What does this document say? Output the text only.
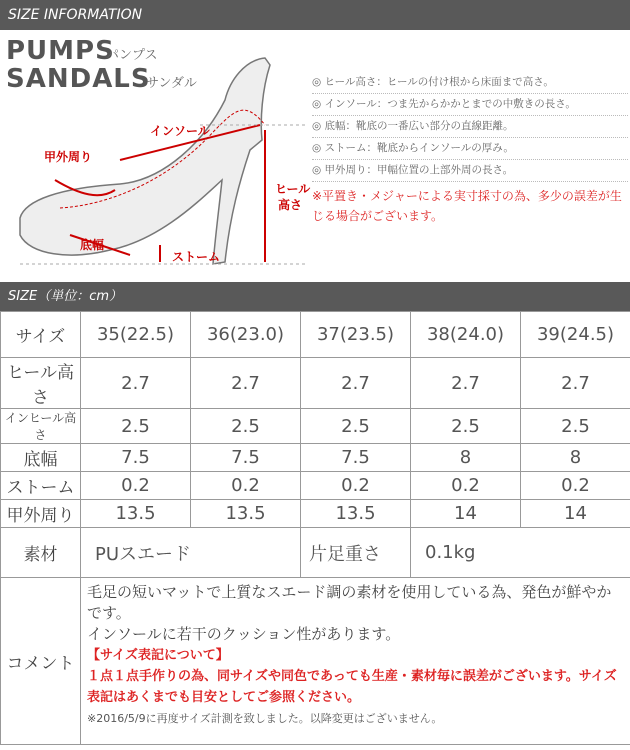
SIZE INFORMATION
PUMPS
パンプス
SANDALS
サンダル
インソール
甲外周り
ヒール
高さ
底幅
ストーム
◎ ヒール高さ：ヒールの付け根から床面まで高さ。
◎ インソール：つま先からかかとまでの中敷きの長さ。
◎ 底幅：靴底の一番広い部分の直線距離。
◎ ストーム：靴底からインソールの厚み。
◎ 甲外周り：甲幅位置の上部外周の長さ。
※平置き・メジャーによる実寸採寸の為、多少の誤差が生じる場合がございます。
SIZE（単位：cm）
サイズ	35(22.5)	36(23.0)	37(23.5)	38(24.0)	39(24.5)
ヒール高さ	2.7	2.7	2.7	2.7	2.7
インヒール高さ	2.5	2.5	2.5	2.5	2.5
底幅	7.5	7.5	7.5	8	8
ストーム	0.2	0.2	0.2	0.2	0.2
甲外周り	13.5	13.5	13.5	14	14
素材	PUスエード		片足重さ	0.1kg	
コメント	毛足の短いマットで上質なスエード調の素材を使用している為、発色が鮮やかです。
インソールに若干のクッション性があります。
【サイズ表記について】
１点１点手作りの為、同サイズや同色であっても生産・素材毎に誤差がございます。サイズ表記はあくまでも目安としてご参照ください。
※2016/5/9に再度サイズ計測を致しました。以降変更はございません。				
